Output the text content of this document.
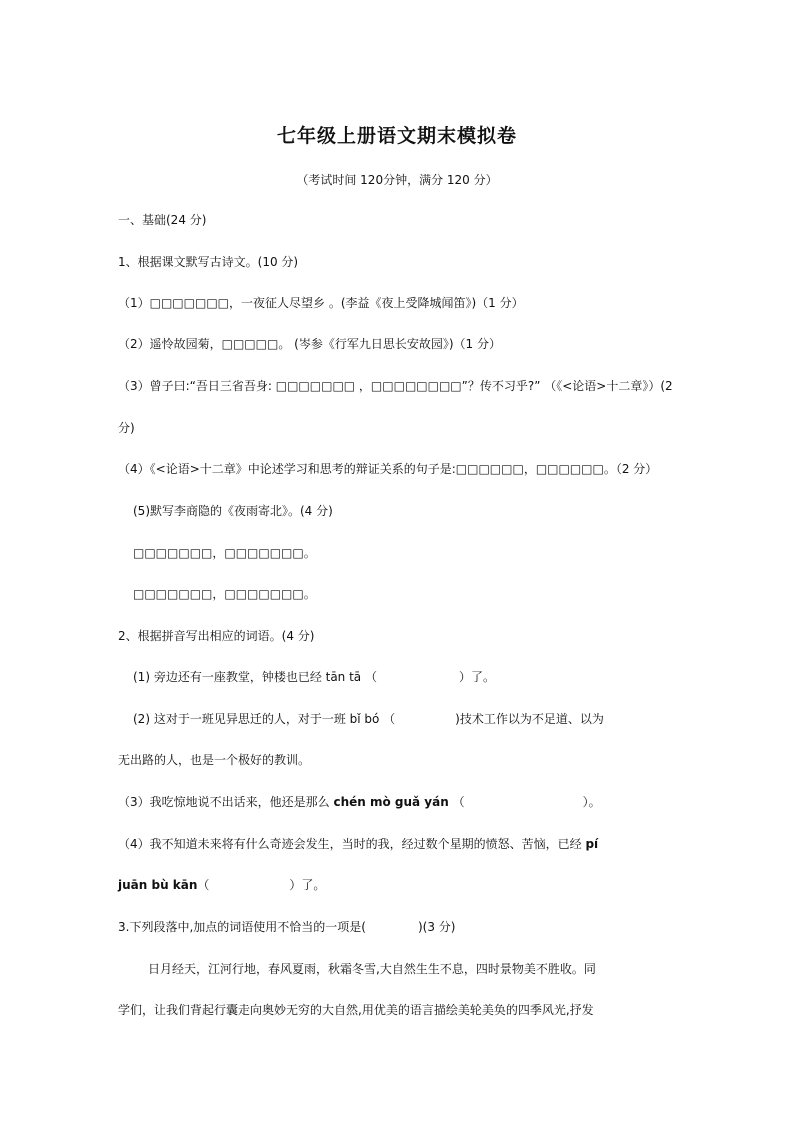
七年级上册语文期末模拟卷
（考试时间 120分钟，满分 120 分）
一、基础(24 分)
1、根据课文默写古诗文。(10 分)
（1）□□□□□□□，一夜征人尽望乡 。(李益《夜上受降城闻笛》)（1 分）
（2）遥怜故园菊，□□□□□。 (岑参《行军九日思长安故园》)（1 分）
（3）曾子曰:“吾日三省吾身: □□□□□□□ ，□□□□□□□□”？传不习乎?” （《<论语>十二章》）(2
分)
（4）《<论语>十二章》中论述学习和思考的辩证关系的句子是:□□□□□□，□□□□□□。（2 分）
(5)默写李商隐的《夜雨寄北》。(4 分)
□□□□□□□，□□□□□□□。
□□□□□□□，□□□□□□□。
2、根据拼音写出相应的词语。(4 分)
(1) 旁边还有一座教堂，钟楼也已经 tān tā （	）了。
(2) 这对于一班见异思迁的人，对于一班 bǐ bó （	)技术工作以为不足道、以为
无出路的人，也是一个极好的教训。
（3）我吃惊地说不出话来，他还是那么 chén mò guǎ yán （	）。
（4）我不知道未来将有什么奇迹会发生，当时的我，经过数个星期的愤怒、苦恼，已经 pí
juān bù kān（	）了。
3.下列段落中,加点的词语使用不恰当的一项是(	)(3 分)
日月经天，江河行地，春风夏雨，秋霜冬雪,大自然生生不息，四时景物美不胜收。同
学们，让我们背起行囊走向奥妙无穷的大自然,用优美的语言描绘美轮美奂的四季风光,抒发
